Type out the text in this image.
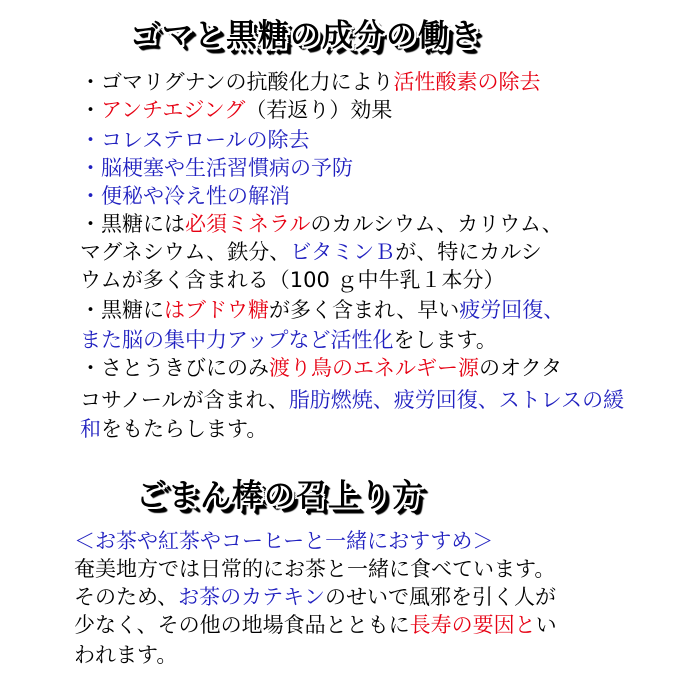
ゴマと黒糖の成分の働き
・ゴマリグナンの抗酸化力により活性酸素の除去
・アンチエジング（若返り）効果
・コレステロールの除去
・脳梗塞や生活習慣病の予防
・便秘や冷え性の解消
・黒糖には必須ミネラルのカルシウム、カリウム、
マグネシウム、鉄分、ビタミンＢが、特にカルシ
ウムが多く含まれる（100 ｇ中牛乳１本分）
・黒糖にはブドウ糖が多く含まれ、早い疲労回復、
また脳の集中力アップなど活性化をします。
・さとうきびにのみ渡り鳥のエネルギー源のオクタ
コサノールが含まれ、脂肪燃焼、疲労回復、ストレスの緩和をもたらします。
ごまん棒の召上り方
＜お茶や紅茶やコーヒーと一緒におすすめ＞
奄美地方では日常的にお茶と一緒に食べています。
そのため、お茶のカテキンのせいで風邪を引く人が
少なく、その他の地場食品とともに長寿の要因とい
われます。
